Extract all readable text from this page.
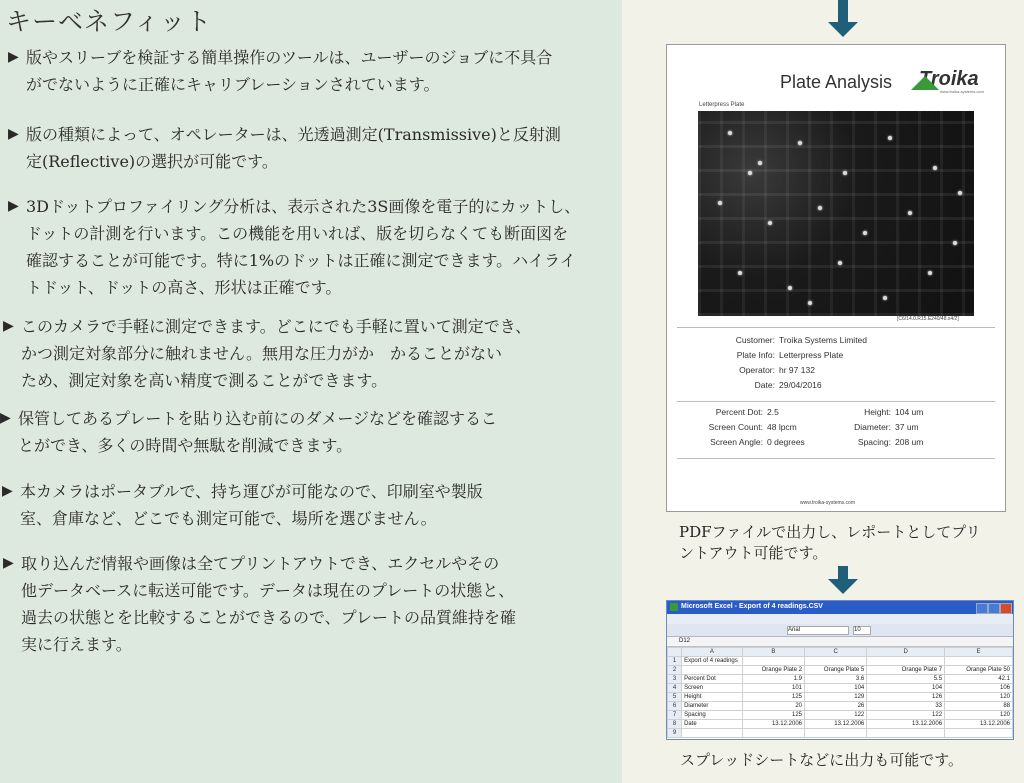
キーベネフィット
▶ 版やスリーブを検証する簡単操作のツールは、ユーザーのジョブに不具合
がでないように正確にキャリブレーションされています。
▶ 版の種類によって、オペレーターは、光透過測定(Transmissive)と反射測
定(Reflective)の選択が可能です。
▶ 3Dドットプロファイリング分析は、表示された3S画像を電子的にカットし、
ドットの計測を行います。この機能を用いれば、版を切らなくても断面図を
確認することが可能です。特に1%のドットは正確に測定できます。ハイライ
トドット、ドットの高さ、形状は正確です。
▶ このカメラで手軽に測定できます。どこにでも手軽に置いて測定でき、
かつ測定対象部分に触れません。無用な圧力がか　かることがない
ため、測定対象を高い精度で測ることができます。
▶ 保管してあるプレートを貼り込む前にのダメージなどを確認するこ
とができ、多くの時間や無駄を削減できます。
▶ 本カメラはポータブルで、持ち運びが可能なので、印刷室や製版
室、倉庫など、どこでも測定可能で、場所を選びません。
▶ 取り込んだ情報や画像は全てプリントアウトでき、エクセルやその
他データベースに転送可能です。データは現在のプレートの状態と、
過去の状態とを比較することができるので、プレートの品質維持を確
実に行えます。
Plate Analysis	Troika
www.troika-systems.com
Letterpress Plate
[C6/14.0.R15.E240/48.x4/2]
Customer: Troika Systems Limited
Plate Info: Letterpress Plate
Operator: hr 97 132
Date: 29/04/2016
Percent Dot: 2.5
Screen Count: 48 lpcm
Screen Angle: 0 degrees
Height: 104 um
Diameter: 37 um
Spacing: 208 um
www.troika-systems.com
PDFファイルで出力し、レポートとしてプリ
ントアウト可能です。
Microsoft Excel - Export of 4 readings.CSV
Arial	10
D12
	A	B	C	D	E
1	Export of 4 readings				
2		Orange Plate 2	Orange Plate 5	Orange Plate 7	Orange Plate 50
3	Percent Dot	1.9	3.6	5.5	42.1
4	Screen	101	104	104	106
5	Height	125	129	126	120
6	Diameter	20	26	33	88
7	Spacing	125	122	122	120
8	Date	13.12.2006	13.12.2006	13.12.2006	13.12.2006
9					
スプレッドシートなどに出力も可能です。
